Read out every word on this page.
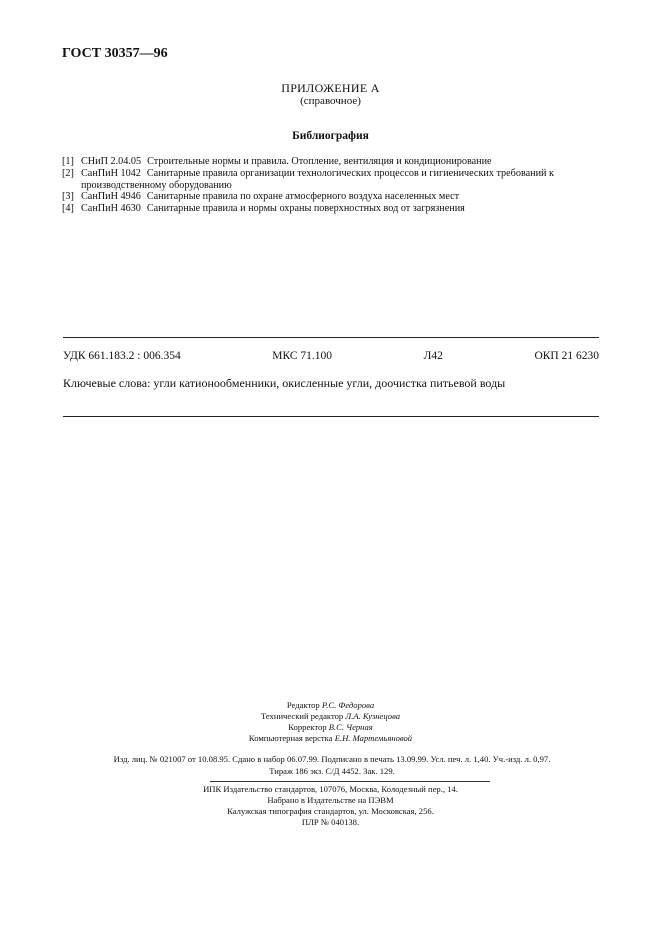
ГОСТ 30357—96
ПРИЛОЖЕНИЕ А
(справочное)
Библиография
[1] СНиП 2.04.05 Строительные нормы и правила. Отопление, вентиляция и кондиционирование
[2] СанПиН 1042 Санитарные правила организации технологических процессов и гигиенических требований к производственному оборудованию
[3] СанПиН 4946 Санитарные правила по охране атмосферного воздуха населенных мест
[4] СанПиН 4630 Санитарные правила и нормы охраны поверхностных вод от загрязнения
УДК 661.183.2 : 006.354	МКС 71.100	Л42	ОКП 21 6230
Ключевые слова: угли катионообменники, окисленные угли, доочистка питьевой воды
Редактор Р.С. Федорова
Технический редактор Л.А. Кузнецова
Корректор В.С. Черная
Компьютерная верстка Е.Н. Мартемьяновой
Изд. лиц. № 021007 от 10.08.95. Сдано в набор 06.07.99. Подписано в печать 13.09.99. Усл. печ. л. 1,40. Уч.-изд. л. 0,97.
Тираж 186 экз. С/Д 4452. Зак. 129.
ИПК Издательство стандартов, 107076, Москва, Колодезный пер., 14.
Набрано в Издательстве на ПЭВМ
Калужская типография стандартов, ул. Московская, 256.
ПЛР № 040138.
